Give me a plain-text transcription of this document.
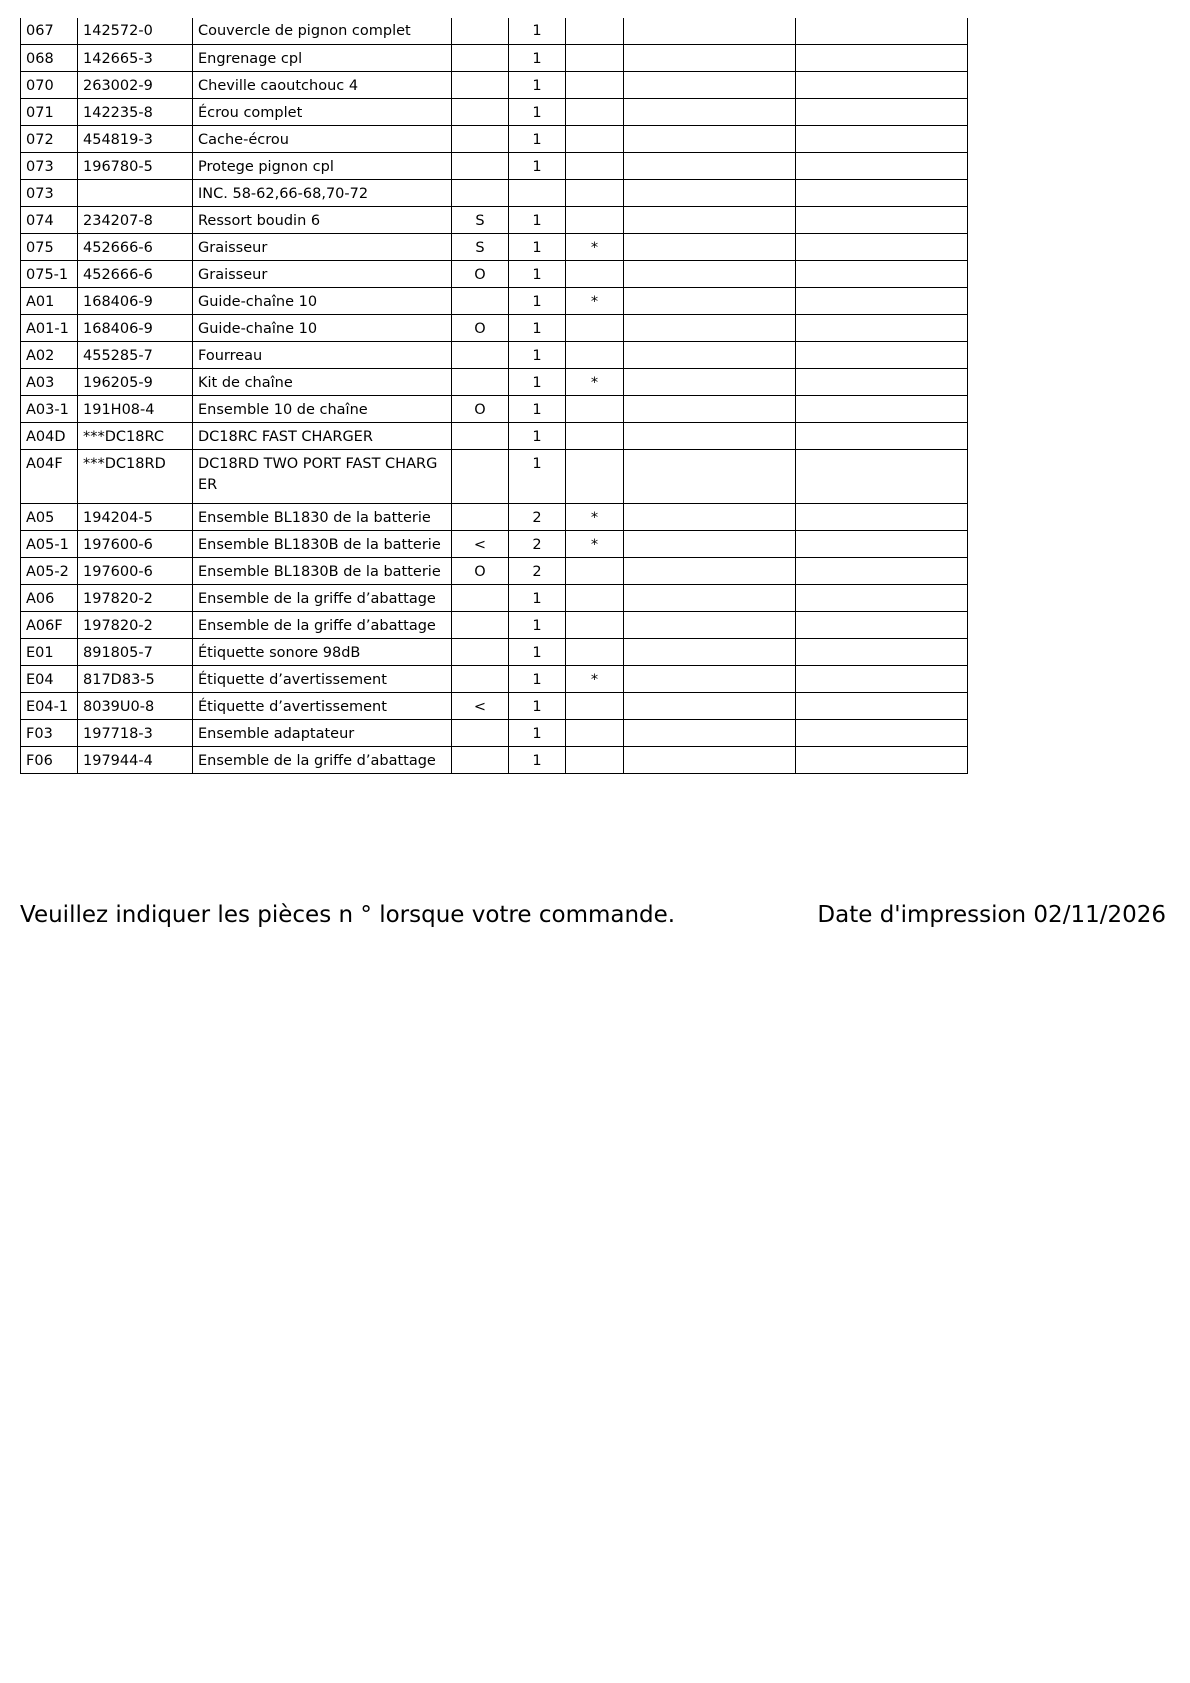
067	142572-0	Couvercle de pignon complet		1			
068	142665-3	Engrenage cpl		1			
070	263002-9	Cheville caoutchouc 4		1			
071	142235-8	Écrou complet		1			
072	454819-3	Cache-écrou		1			
073	196780-5	Protege pignon cpl		1			
073		INC. 58-62,66-68,70-72					
074	234207-8	Ressort boudin 6	S	1			
075	452666-6	Graisseur	S	1	*		
075-1	452666-6	Graisseur	O	1			
A01	168406-9	Guide-chaîne 10		1	*		
A01-1	168406-9	Guide-chaîne 10	O	1			
A02	455285-7	Fourreau		1			
A03	196205-9	Kit de chaîne		1	*		
A03-1	191H08-4	Ensemble 10 de chaîne	O	1			
A04D	***DC18RC	DC18RC FAST CHARGER		1			
A04F	***DC18RD	DC18RD TWO PORT FAST CHARGER		1			
A05	194204-5	Ensemble BL1830 de la batterie		2	*		
A05-1	197600-6	Ensemble BL1830B de la batterie	<	2	*		
A05-2	197600-6	Ensemble BL1830B de la batterie	O	2			
A06	197820-2	Ensemble de la griffe d’abattage		1			
A06F	197820-2	Ensemble de la griffe d’abattage		1			
E01	891805-7	Étiquette sonore 98dB		1			
E04	817D83-5	Étiquette d’avertissement		1	*		
E04-1	8039U0-8	Étiquette d’avertissement	<	1			
F03	197718-3	Ensemble adaptateur		1			
F06	197944-4	Ensemble de la griffe d’abattage		1			
Veuillez indiquer les pièces n ° lorsque votre commande.	Date d'impression 02/11/2026
